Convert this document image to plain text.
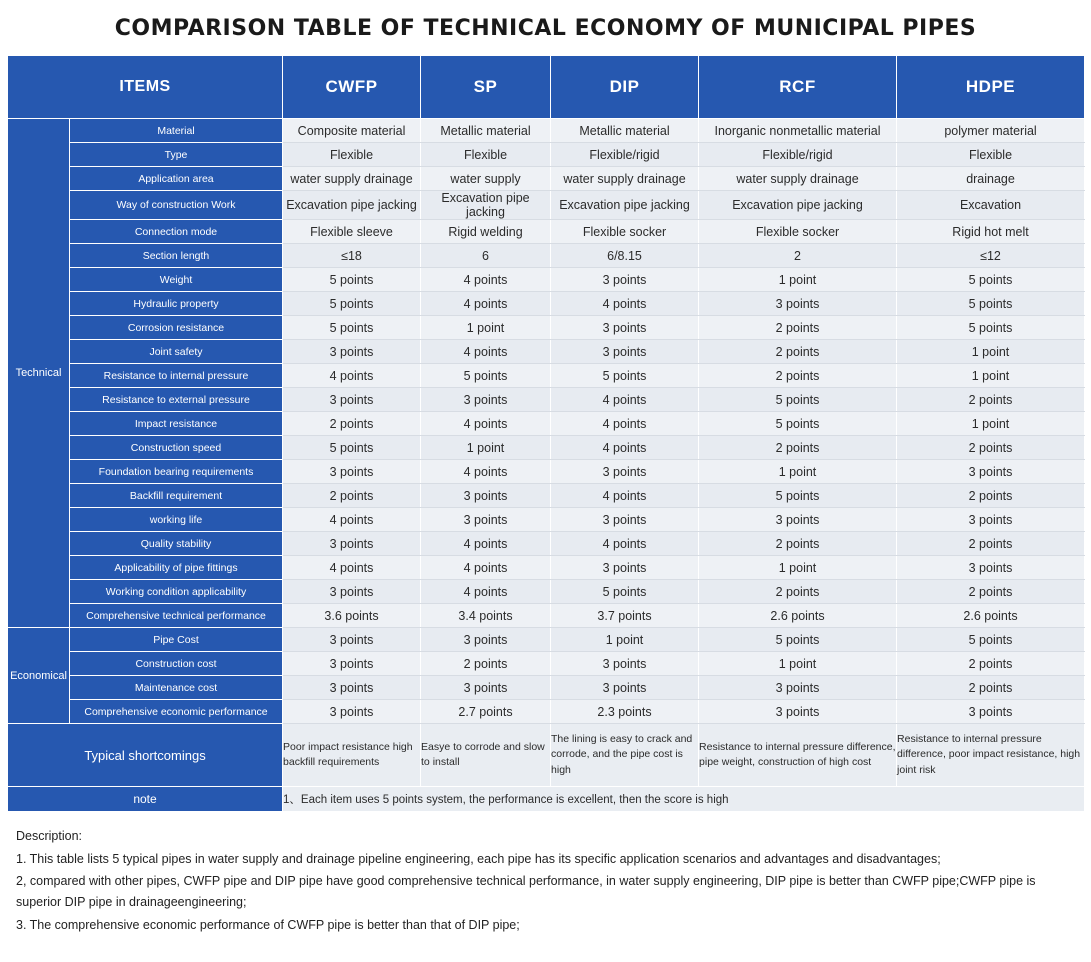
COMPARISON TABLE OF TECHNICAL ECONOMY OF MUNICIPAL PIPES
ITEMS		CWFP	SP	DIP	RCF	HDPE
Technical	Material	Composite material	Metallic material	Metallic material	Inorganic nonmetallic material	polymer material
	Type	Flexible	Flexible	Flexible/rigid	Flexible/rigid	Flexible
	Application area	water supply drainage	water supply	water supply drainage	water supply drainage	drainage
	Way of construction Work	Excavation pipe jacking	Excavation pipe jacking	Excavation pipe jacking	Excavation pipe jacking	Excavation
	Connection mode	Flexible sleeve	Rigid welding	Flexible socker	Flexible socker	Rigid hot melt
	Section length	≤18	6	6/8.15	2	≤12
	Weight	5 points	4 points	3 points	1 point	5 points
	Hydraulic property	5 points	4 points	4 points	3 points	5 points
	Corrosion resistance	5 points	1 point	3 points	2 points	5 points
	Joint safety	3 points	4 points	3 points	2 points	1 point
	Resistance to internal pressure	4 points	5 points	5 points	2 points	1 point
	Resistance to external pressure	3 points	3 points	4 points	5 points	2 points
	Impact resistance	2 points	4 points	4 points	5 points	1 point
	Construction speed	5 points	1 point	4 points	2 points	2 points
	Foundation bearing requirements	3 points	4 points	3 points	1 point	3 points
	Backfill requirement	2 points	3 points	4 points	5 points	2 points
	working life	4 points	3 points	3 points	3 points	3 points
	Quality stability	3 points	4 points	4 points	2 points	2 points
	Applicability of pipe fittings	4 points	4 points	3 points	1 point	3 points
	Working condition applicability	3 points	4 points	5 points	2 points	2 points
	Comprehensive technical performance	3.6 points	3.4 points	3.7 points	2.6 points	2.6 points
Economical	Pipe Cost	3 points	3 points	1 point	5 points	5 points
	Construction cost	3 points	2 points	3 points	1 point	2 points
	Maintenance cost	3 points	3 points	3 points	3 points	2 points
	Comprehensive economic performance	3 points	2.7 points	2.3 points	3 points	3 points
Typical shortcomings		Poor impact resistance high backfill requirements	Easye to corrode and slow to install	The lining is easy to crack and corrode, and the pipe cost is high	Resistance to internal pressure difference, pipe weight, construction of high cost	Resistance to internal pressure difference, poor impact resistance, high joint risk
note		1、Each item uses 5 points system, the performance is excellent, then the score is high				

Description:

1. This table lists 5 typical pipes in water supply and drainage pipeline engineering, each pipe has its specific application scenarios and advantages and disadvantages;

2, compared with other pipes, CWFP pipe and DIP pipe have good comprehensive technical performance, in water supply engineering, DIP pipe is better than CWFP pipe;CWFP pipe is superior DIP pipe in drainageengineering;

3. The comprehensive economic performance of CWFP pipe is better than that of DIP pipe;
